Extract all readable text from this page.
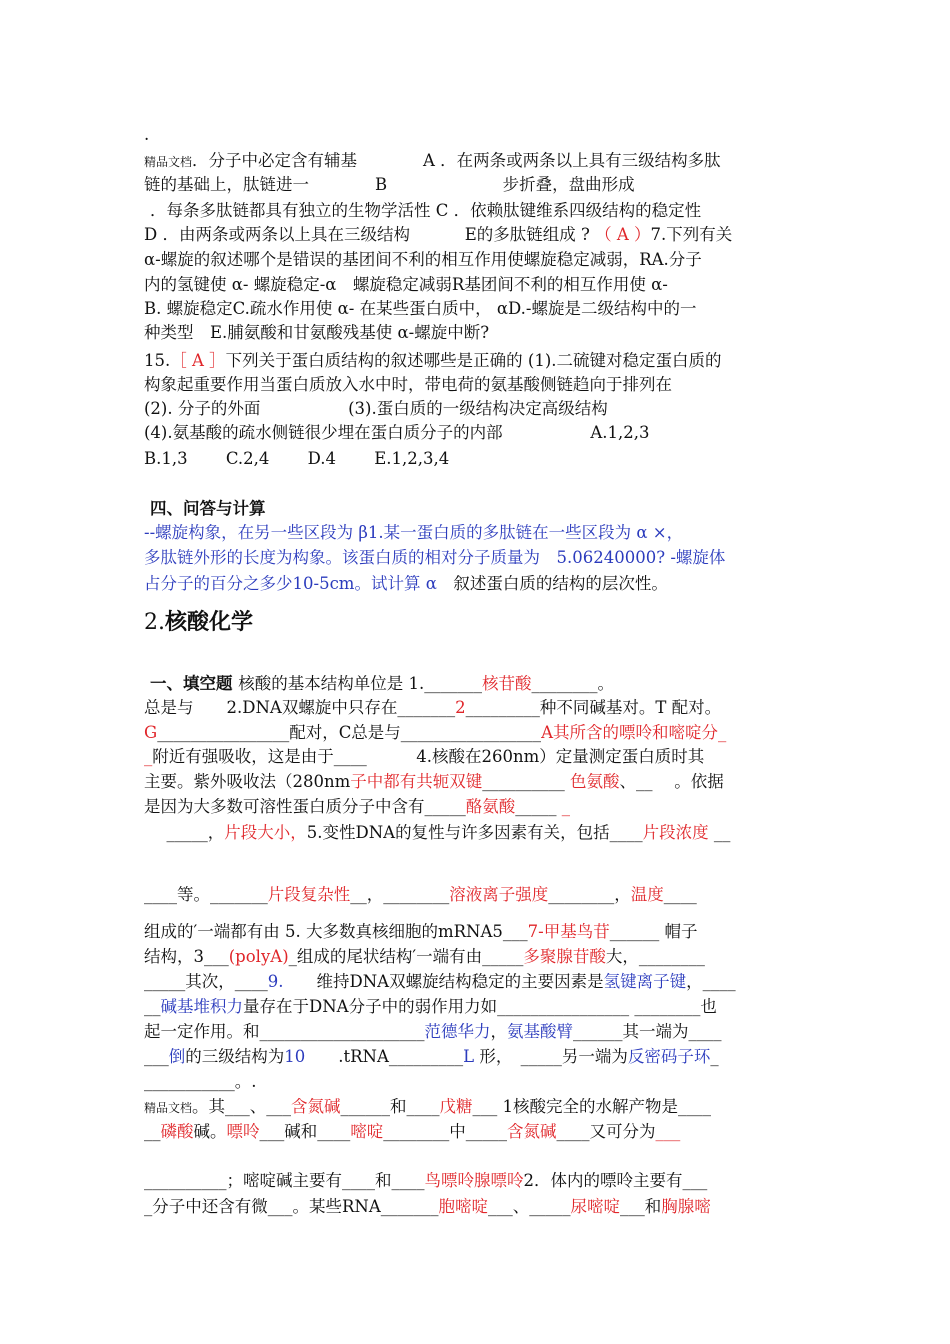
.
精品文档．分子中必定含有辅基　　　　A ．在两条或两条以上具有三级结构多肽
链的基础上，肽链进一　　　　B　　　　　　　步折叠，盘曲形成
．每条多肽链都具有独立的生物学活性 C ．依赖肽键维系四级结构的稳定性
D ．由两条或两条以上具在三级结构　　　 E的多肽链组成 ? （ A ）7.下列有关
α-螺旋的叙述哪个是错误的基团间不利的相互作用使螺旋稳定减弱，RA.分子
内的氢键使 α- 螺旋稳定-α　螺旋稳定减弱R基团间不利的相互作用使 α-
B. 螺旋稳定C.疏水作用使 α- 在某些蛋白质中， αD.-螺旋是二级结构中的一
种类型　E.脯氨酸和甘氨酸残基使 α-螺旋中断?
15.［ A ］下列关于蛋白质结构的叙述哪些是正确的 (1).二硫键对稳定蛋白质的
构象起重要作用当蛋白质放入水中时，带电荷的氨基酸侧链趋向于排列在
(2). 分子的外面　　　　　 (3).蛋白质的一级结构决定高级结构
(4).氨基酸的疏水侧链很少埋在蛋白质分子的内部　　　　　 A.1,2,3
B.1,3　　 C.2,4　　 D.4　　 E.1,2,3,4
四、问答与计算
--螺旋构象，在另一些区段为 β1.某一蛋白质的多肽链在一些区段为 α ×，
多肽链外形的长度为构象。该蛋白质的相对分子质量为　5.06240000? -螺旋体
占分子的百分之多少10-5cm。试计算 α　叙述蛋白质的结构的层次性。
2.核酸化学
一、填空题 核酸的基本结构单位是 1._______核苷酸________。
总是与　　2.DNA双螺旋中只存在_______2_________种不同碱基对。T 配对。
G________________配对，C总是与_________________A其所含的嘌呤和嘧啶分_
_附近有强吸收，这是由于____　　　4.核酸在260nm）定量测定蛋白质时其
主要。紫外吸收法（280nm子中都有共轭双键__________ 色氨酸、__　 。依据
是因为大多数可溶性蛋白质分子中含有_____酪氨酸_____ _
　_____，片段大小，5.变性DNA的复性与许多因素有关，包括____片段浓度 __
____等。_______片段复杂性__，________溶液离子强度________，温度____
组成的′一端都有由 5. 大多数真核细胞的mRNA5___7-甲基鸟苷______ 帽子
结构，3___(polyA)_组成的尾状结构′一端有由_____多聚腺苷酸大，________
_____其次，____9.　　维持DNA双螺旋结构稳定的主要因素是氢键离子键，____
__碱基堆积力量存在于DNA分子中的弱作用力如________________ ________也
起一定作用。和____________________范德华力，氨基酸臂______其一端为____
___倒的三级结构为10　　.tRNA_________L 形，　_____另一端为反密码子环_
___________。.
精品文档。其___、___含氮碱______和____戊糖___ 1核酸完全的水解产物是____
__磷酸碱。嘌呤___碱和____嘧啶________中_____含氮碱____又可分为___
__________；嘧啶碱主要有____和____鸟嘌呤腺嘌呤2．体内的嘌呤主要有___
_分子中还含有微___。某些RNA_______胞嘧啶___、_____尿嘧啶___和胸腺嘧
